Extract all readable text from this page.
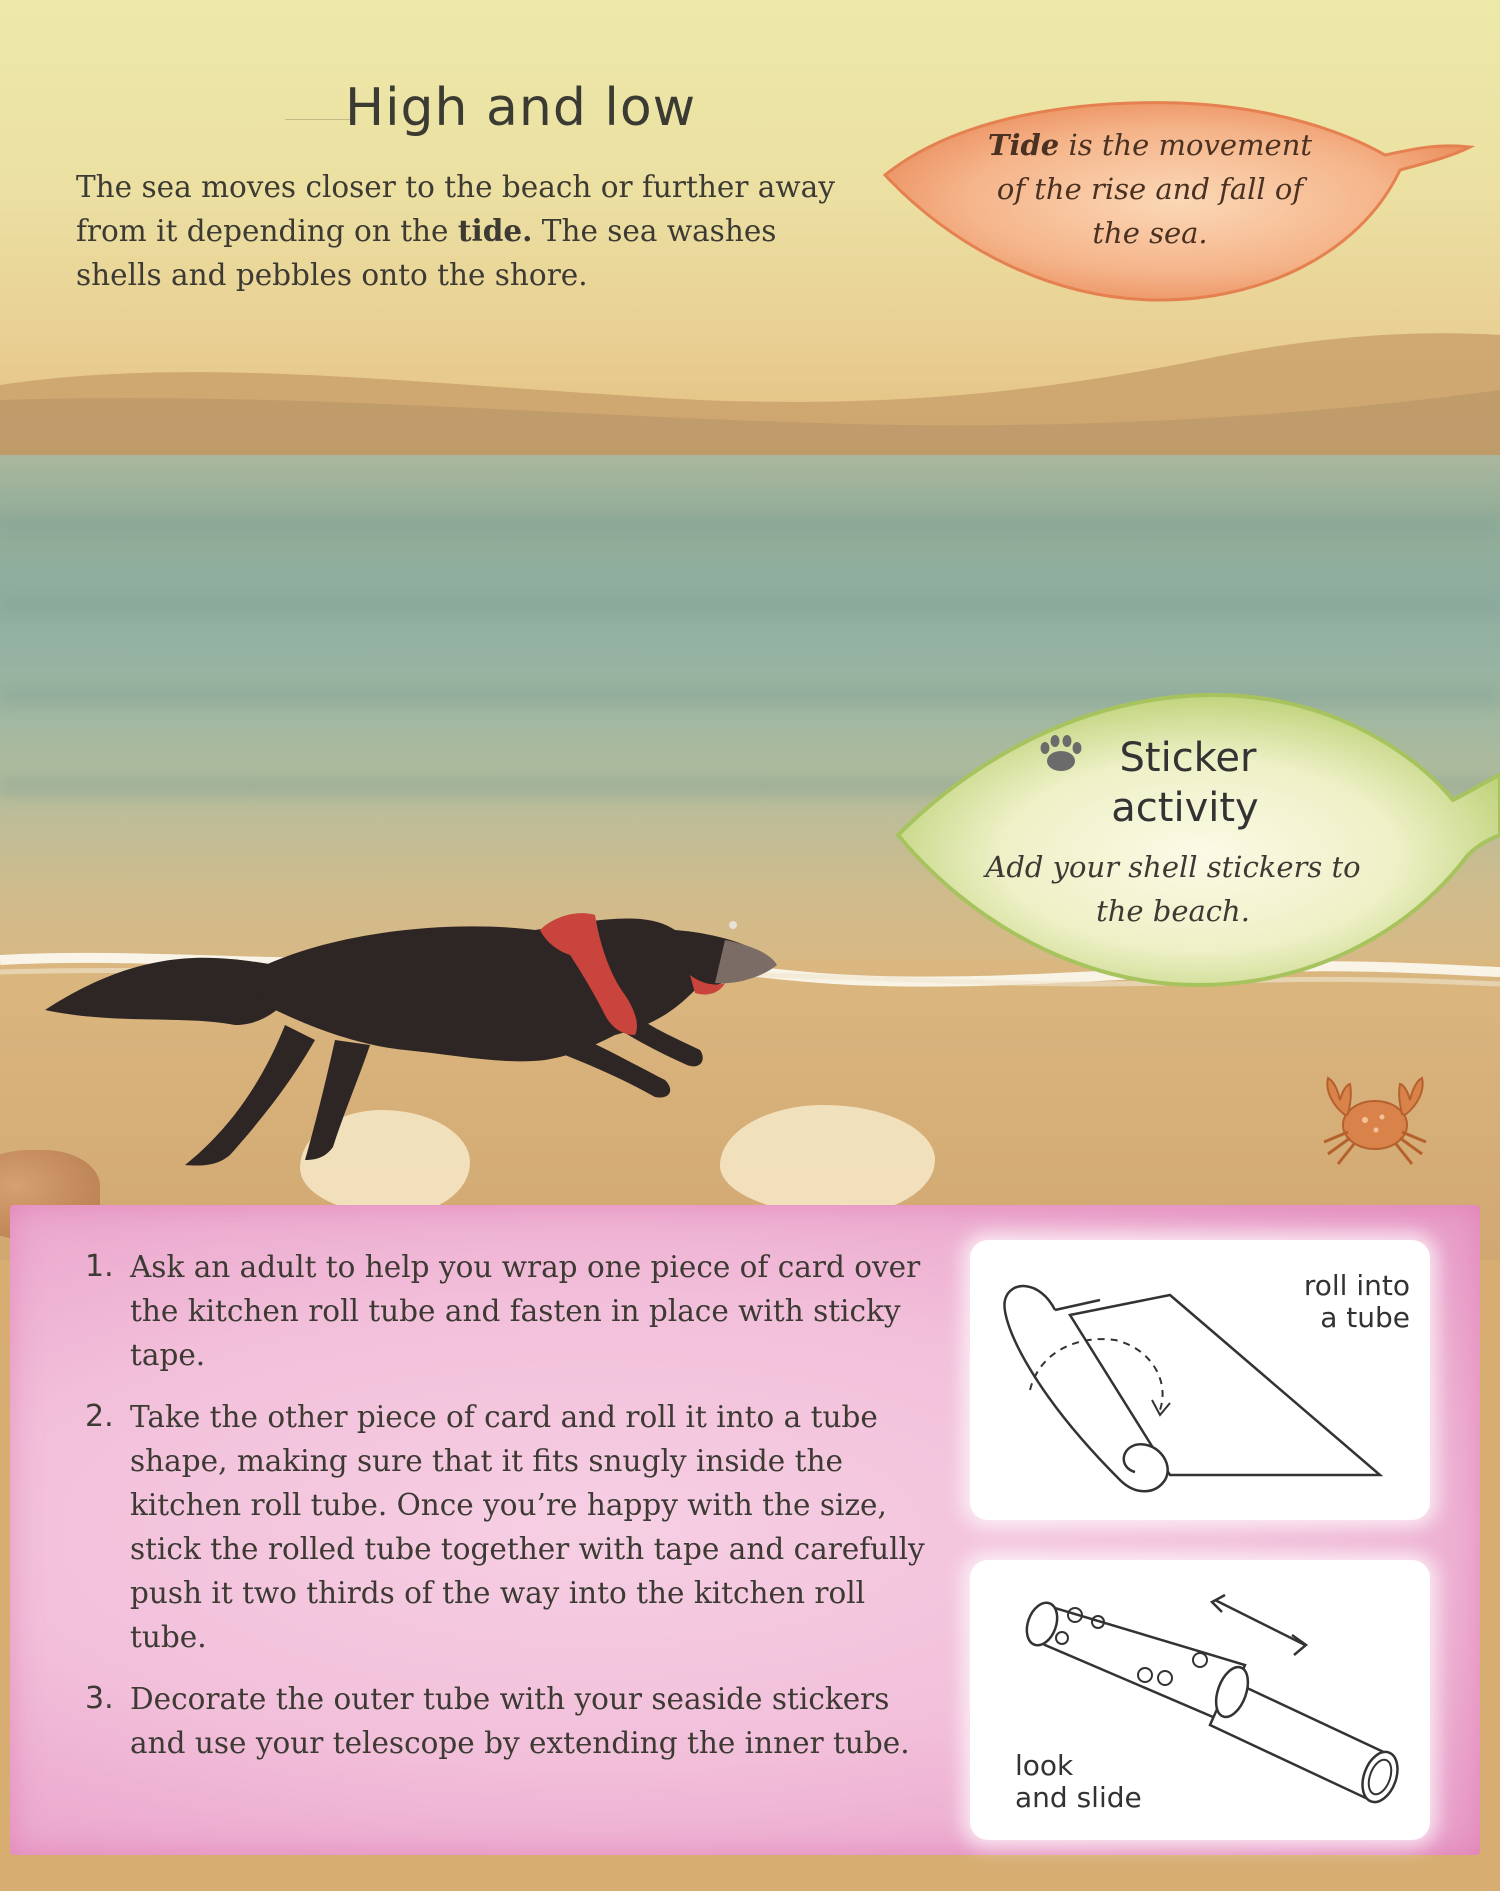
High and low

The sea moves closer to the beach or further away from it depending on the tide. The sea washes shells and pebbles onto the shore.

Tide is the movement of the rise and fall of the sea.
Sticker
activity
Add your shell stickers to the beach.
1. Ask an adult to help you wrap one piece of card over the kitchen roll tube and fasten in place with sticky tape.
2. Take the other piece of card and roll it into a tube shape, making sure that it fits snugly inside the kitchen roll tube. Once you’re happy with the size, stick the rolled tube together with tape and carefully push it two thirds of the way into the kitchen roll tube.
3. Decorate the outer tube with your seaside stickers and use your telescope by extending the inner tube.
roll into
a tube
look
and slide
